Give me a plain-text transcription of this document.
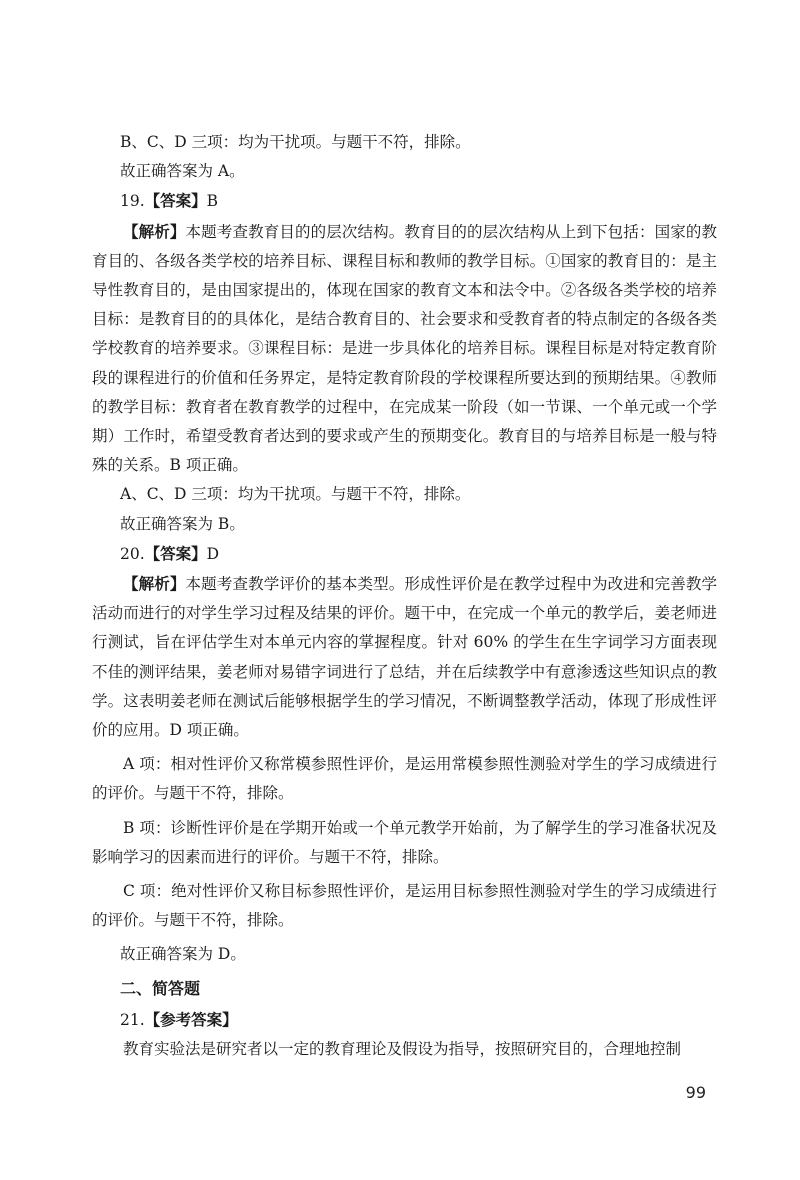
B、C、D 三项：均为干扰项。与题干不符，排除。

故正确答案为 A。

19.【答案】B

【解析】本题考查教育目的的层次结构。教育目的的层次结构从上到下包括：国家的教育目的、各级各类学校的培养目标、课程目标和教师的教学目标。①国家的教育目的：是主导性教育目的，是由国家提出的，体现在国家的教育文本和法令中。②各级各类学校的培养目标：是教育目的的具体化，是结合教育目的、社会要求和受教育者的特点制定的各级各类学校教育的培养要求。③课程目标：是进一步具体化的培养目标。课程目标是对特定教育阶段的课程进行的价值和任务界定，是特定教育阶段的学校课程所要达到的预期结果。④教师的教学目标：教育者在教育教学的过程中，在完成某一阶段（如一节课、一个单元或一个学期）工作时，希望受教育者达到的要求或产生的预期变化。教育目的与培养目标是一般与特殊的关系。B 项正确。

A、C、D 三项：均为干扰项。与题干不符，排除。

故正确答案为 B。

20.【答案】D

【解析】本题考查教学评价的基本类型。形成性评价是在教学过程中为改进和完善教学活动而进行的对学生学习过程及结果的评价。题干中，在完成一个单元的教学后，姜老师进行测试，旨在评估学生对本单元内容的掌握程度。针对 60% 的学生在生字词学习方面表现不佳的测评结果，姜老师对易错字词进行了总结，并在后续教学中有意渗透这些知识点的教学。这表明姜老师在测试后能够根据学生的学习情况，不断调整教学活动，体现了形成性评价的应用。D 项正确。

A 项：相对性评价又称常模参照性评价，是运用常模参照性测验对学生的学习成绩进行的评价。与题干不符，排除。

B 项：诊断性评价是在学期开始或一个单元教学开始前，为了解学生的学习准备状况及影响学习的因素而进行的评价。与题干不符，排除。

C 项：绝对性评价又称目标参照性评价，是运用目标参照性测验对学生的学习成绩进行的评价。与题干不符，排除。

故正确答案为 D。

二、简答题

21.【参考答案】

教育实验法是研究者以一定的教育理论及假设为指导，按照研究目的，合理地控制

99
